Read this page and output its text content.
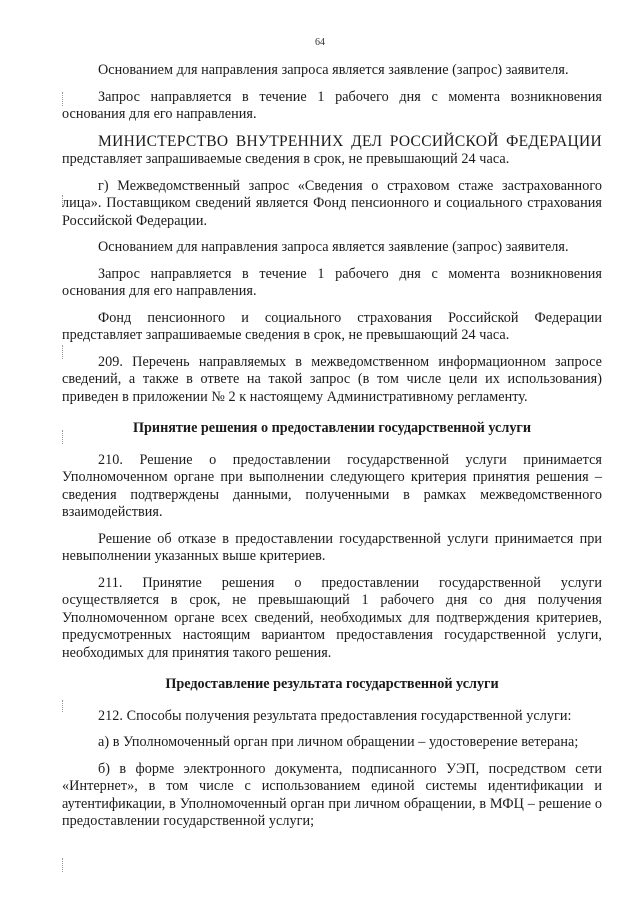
64

Основанием для направления запроса является заявление (запрос) заявителя.

Запрос направляется в течение 1 рабочего дня с момента возникновения основания для его направления.

МИНИСТЕРСТВО ВНУТРЕННИХ ДЕЛ РОССИЙСКОЙ ФЕДЕРАЦИИ представляет запрашиваемые сведения в срок, не превышающий 24 часа.

г) Межведомственный запрос «Сведения о страховом стаже застрахованного лица». Поставщиком сведений является Фонд пенсионного и социального страхования Российской Федерации.

Основанием для направления запроса является заявление (запрос) заявителя.

Запрос направляется в течение 1 рабочего дня с момента возникновения основания для его направления.

Фонд пенсионного и социального страхования Российской Федерации представляет запрашиваемые сведения в срок, не превышающий 24 часа.

209. Перечень направляемых в межведомственном информационном запросе сведений, а также в ответе на такой запрос (в том числе цели их использования) приведен в приложении № 2 к настоящему Административному регламенту.

Принятие решения о предоставлении государственной услуги

210. Решение о предоставлении государственной услуги принимается Уполномоченном органе при выполнении следующего критерия принятия решения – сведения подтверждены данными, полученными в рамках межведомственного взаимодействия.

Решение об отказе в предоставлении государственной услуги принимается при невыполнении указанных выше критериев.

211. Принятие решения о предоставлении государственной услуги осуществляется в срок, не превышающий 1 рабочего дня со дня получения Уполномоченном органе всех сведений, необходимых для подтверждения критериев, предусмотренных настоящим вариантом предоставления государственной услуги, необходимых для принятия такого решения.

Предоставление результата государственной услуги

212. Способы получения результата предоставления государственной услуги:

а) в Уполномоченный орган при личном обращении – удостоверение ветерана;

б) в форме электронного документа, подписанного УЭП, посредством сети «Интернет», в том числе с использованием единой системы идентификации и аутентификации, в Уполномоченный орган при личном обращении, в МФЦ – решение о предоставлении государственной услуги;
